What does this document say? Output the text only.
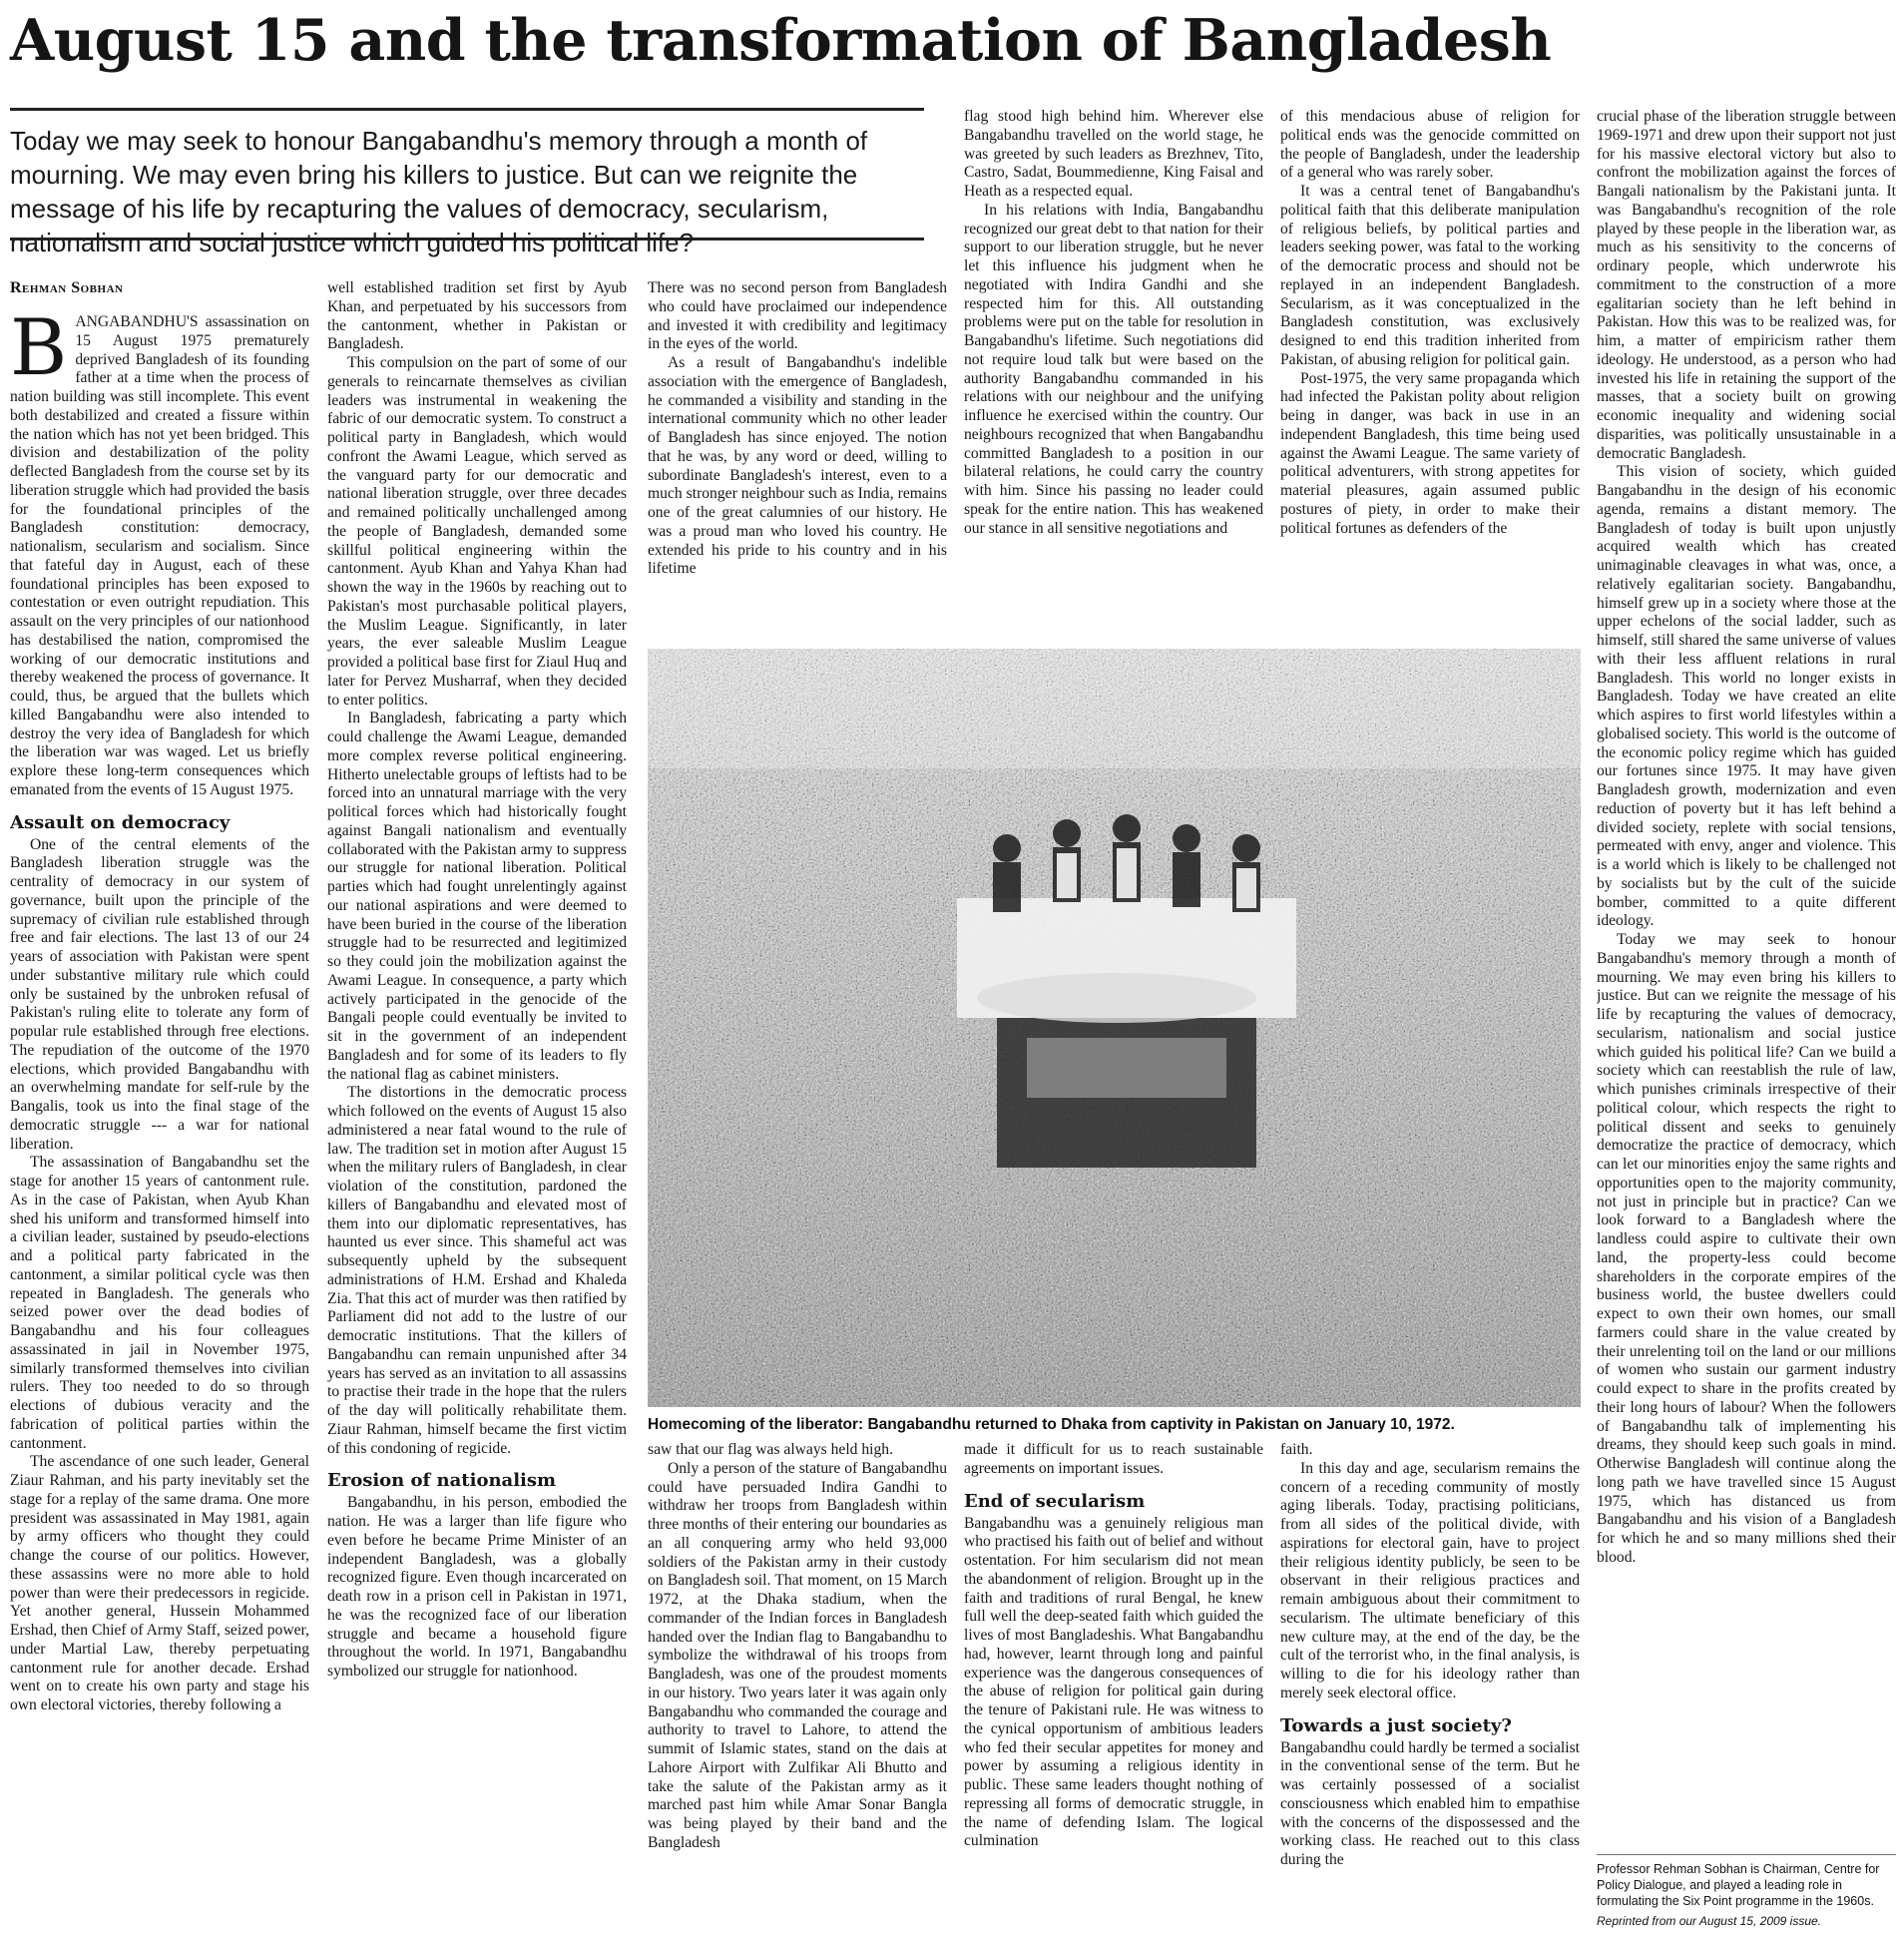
August 15 and the transformation of Bangladesh

Today we may seek to honour Bangabandhu's memory through a month of mourning. We may even bring his killers to justice. But can we reignite the message of his life by recapturing the values of democracy, secularism, nationalism and social justice which guided his political life?

Rehman Sobhan

B ANGABANDHU'S assassination on 15 August 1975 prematurely deprived Bangladesh of its founding father at a time when the process of nation building was still incomplete. This event both destabilized and created a fissure within the nation which has not yet been bridged. This division and destabilization of the polity deflected Bangladesh from the course set by its liberation struggle which had provided the basis for the foundational principles of the Bangladesh constitution: democracy, nationalism, secularism and socialism. Since that fateful day in August, each of these foundational principles has been exposed to contestation or even outright repudiation. This assault on the very principles of our nationhood has destabilised the nation, compromised the working of our democratic institutions and thereby weakened the process of governance. It could, thus, be argued that the bullets which killed Bangabandhu were also intended to destroy the very idea of Bangladesh for which the liberation war was waged. Let us briefly explore these long-term consequences which emanated from the events of 15 August 1975.

Assault on democracy

One of the central elements of the Bangladesh liberation struggle was the centrality of democracy in our system of governance, built upon the principle of the supremacy of civilian rule established through free and fair elections. The last 13 of our 24 years of association with Pakistan were spent under substantive military rule which could only be sustained by the unbroken refusal of Pakistan's ruling elite to tolerate any form of popular rule established through free elections. The repudiation of the outcome of the 1970 elections, which provided Bangabandhu with an overwhelming mandate for self-rule by the Bangalis, took us into the final stage of the democratic struggle --- a war for national liberation.

The assassination of Bangabandhu set the stage for another 15 years of cantonment rule. As in the case of Pakistan, when Ayub Khan shed his uniform and transformed himself into a civilian leader, sustained by pseudo-elections and a political party fabricated in the cantonment, a similar political cycle was then repeated in Bangladesh. The generals who seized power over the dead bodies of Bangabandhu and his four colleagues assassinated in jail in November 1975, similarly transformed themselves into civilian rulers. They too needed to do so through elections of dubious veracity and the fabrication of political parties within the cantonment.

The ascendance of one such leader, General Ziaur Rahman, and his party inevitably set the stage for a replay of the same drama. One more president was assassinated in May 1981, again by army officers who thought they could change the course of our politics. However, these assassins were no more able to hold power than were their predecessors in regicide. Yet another general, Hussein Mohammed Ershad, then Chief of Army Staff, seized power, under Martial Law, thereby perpetuating cantonment rule for another decade. Ershad went on to create his own party and stage his own electoral victories, thereby following a

well established tradition set first by Ayub Khan, and perpetuated by his successors from the cantonment, whether in Pakistan or Bangladesh.

This compulsion on the part of some of our generals to reincarnate themselves as civilian leaders was instrumental in weakening the fabric of our democratic system. To construct a political party in Bangladesh, which would confront the Awami League, which served as the vanguard party for our democratic and national liberation struggle, over three decades and remained politically unchallenged among the people of Bangladesh, demanded some skillful political engineering within the cantonment. Ayub Khan and Yahya Khan had shown the way in the 1960s by reaching out to Pakistan's most purchasable political players, the Muslim League. Significantly, in later years, the ever saleable Muslim League provided a political base first for Ziaul Huq and later for Pervez Musharraf, when they decided to enter politics.

In Bangladesh, fabricating a party which could challenge the Awami League, demanded more complex reverse political engineering. Hitherto unelectable groups of leftists had to be forced into an unnatural marriage with the very political forces which had historically fought against Bangali nationalism and eventually collaborated with the Pakistan army to suppress our struggle for national liberation. Political parties which had fought unrelentingly against our national aspirations and were deemed to have been buried in the course of the liberation struggle had to be resurrected and legitimized so they could join the mobilization against the Awami League. In consequence, a party which actively participated in the genocide of the Bangali people could eventually be invited to sit in the government of an independent Bangladesh and for some of its leaders to fly the national flag as cabinet ministers.

The distortions in the democratic process which followed on the events of August 15 also administered a near fatal wound to the rule of law. The tradition set in motion after August 15 when the military rulers of Bangladesh, in clear violation of the constitution, pardoned the killers of Bangabandhu and elevated most of them into our diplomatic representatives, has haunted us ever since. This shameful act was subsequently upheld by the subsequent administrations of H.M. Ershad and Khaleda Zia. That this act of murder was then ratified by Parliament did not add to the lustre of our democratic institutions. That the killers of Bangabandhu can remain unpunished after 34 years has served as an invitation to all assassins to practise their trade in the hope that the rulers of the day will politically rehabilitate them. Ziaur Rahman, himself became the first victim of this condoning of regicide.

Erosion of nationalism

Bangabandhu, in his person, embodied the nation. He was a larger than life figure who even before he became Prime Minister of an independent Bangladesh, was a globally recognized figure. Even though incarcerated on death row in a prison cell in Pakistan in 1971, he was the recognized face of our liberation struggle and became a household figure throughout the world. In 1971, Bangabandhu symbolized our struggle for nationhood.

There was no second person from Bangladesh who could have proclaimed our independence and invested it with credibility and legitimacy in the eyes of the world.

As a result of Bangabandhu's indelible association with the emergence of Bangladesh, he commanded a visibility and standing in the international community which no other leader of Bangladesh has since enjoyed. The notion that he was, by any word or deed, willing to subordinate Bangladesh's interest, even to a much stronger neighbour such as India, remains one of the great calumnies of our history. He was a proud man who loved his country. He extended his pride to his country and in his lifetime

flag stood high behind him. Wherever else Bangabandhu travelled on the world stage, he was greeted by such leaders as Brezhnev, Tito, Castro, Sadat, Boummedienne, King Faisal and Heath as a respected equal.

In his relations with India, Bangabandhu recognized our great debt to that nation for their support to our liberation struggle, but he never let this influence his judgment when he negotiated with Indira Gandhi and she respected him for this. All outstanding problems were put on the table for resolution in Bangabandhu's lifetime. Such negotiations did not require loud talk but were based on the authority Bangabandhu commanded in his relations with our neighbour and the unifying influence he exercised within the country. Our neighbours recognized that when Bangabandhu committed Bangladesh to a position in our bilateral relations, he could carry the country with him. Since his passing no leader could speak for the entire nation. This has weakened our stance in all sensitive negotiations and

of this mendacious abuse of religion for political ends was the genocide committed on the people of Bangladesh, under the leadership of a general who was rarely sober.

It was a central tenet of Bangabandhu's political faith that this deliberate manipulation of religious beliefs, by political parties and leaders seeking power, was fatal to the working of the democratic process and should not be replayed in an independent Bangladesh. Secularism, as it was conceptualized in the Bangladesh constitution, was exclusively designed to end this tradition inherited from Pakistan, of abusing religion for political gain.

Post-1975, the very same propaganda which had infected the Pakistan polity about religion being in danger, was back in use in an independent Bangladesh, this time being used against the Awami League. The same variety of political adventurers, with strong appetites for material pleasures, again assumed public postures of piety, in order to make their political fortunes as defenders of the

crucial phase of the liberation struggle between 1969-1971 and drew upon their support not just for his massive electoral victory but also to confront the mobilization against the forces of Bangali nationalism by the Pakistani junta. It was Bangabandhu's recognition of the role played by these people in the liberation war, as much as his sensitivity to the concerns of ordinary people, which underwrote his commitment to the construction of a more egalitarian society than he left behind in Pakistan. How this was to be realized was, for him, a matter of empiricism rather them ideology. He understood, as a person who had invested his life in retaining the support of the masses, that a society built on growing economic inequality and widening social disparities, was politically unsustainable in a democratic Bangladesh.

This vision of society, which guided Bangabandhu in the design of his economic agenda, remains a distant memory. The Bangladesh of today is built upon unjustly acquired wealth which has created unimaginable cleavages in what was, once, a relatively egalitarian society. Bangabandhu, himself grew up in a society where those at the upper echelons of the social ladder, such as himself, still shared the same universe of values with their less affluent relations in rural Bangladesh. This world no longer exists in Bangladesh. Today we have created an elite which aspires to first world lifestyles within a globalised society. This world is the outcome of the economic policy regime which has guided our fortunes since 1975. It may have given Bangladesh growth, modernization and even reduction of poverty but it has left behind a divided society, replete with social tensions, permeated with envy, anger and violence. This is a world which is likely to be challenged not by socialists but by the cult of the suicide bomber, committed to a quite different ideology.

Today we may seek to honour Bangabandhu's memory through a month of mourning. We may even bring his killers to justice. But can we reignite the message of his life by recapturing the values of democracy, secularism, nationalism and social justice which guided his political life? Can we build a society which can reestablish the rule of law, which punishes criminals irrespective of their political colour, which respects the right to political dissent and seeks to genuinely democratize the practice of democracy, which can let our minorities enjoy the same rights and opportunities open to the majority community, not just in principle but in practice? Can we look forward to a Bangladesh where the landless could aspire to cultivate their own land, the property-less could become shareholders in the corporate empires of the business world, the bustee dwellers could expect to own their own homes, our small farmers could share in the value created by their unrelenting toil on the land or our millions of women who sustain our garment industry could expect to share in the profits created by their long hours of labour? When the followers of Bangabandhu talk of implementing his dreams, they should keep such goals in mind. Otherwise Bangladesh will continue along the long path we have travelled since 15 August 1975, which has distanced us from Bangabandhu and his vision of a Bangladesh for which he and so many millions shed their blood.

Homecoming of the liberator: Bangabandhu returned to Dhaka from captivity in Pakistan on January 10, 1972.

saw that our flag was always held high.

Only a person of the stature of Bangabandhu could have persuaded Indira Gandhi to withdraw her troops from Bangladesh within three months of their entering our boundaries as an all conquering army who held 93,000 soldiers of the Pakistan army in their custody on Bangladesh soil. That moment, on 15 March 1972, at the Dhaka stadium, when the commander of the Indian forces in Bangladesh handed over the Indian flag to Bangabandhu to symbolize the withdrawal of his troops from Bangladesh, was one of the proudest moments in our history. Two years later it was again only Bangabandhu who commanded the courage and authority to travel to Lahore, to attend the summit of Islamic states, stand on the dais at Lahore Airport with Zulfikar Ali Bhutto and take the salute of the Pakistan army as it marched past him while Amar Sonar Bangla was being played by their band and the Bangladesh

made it difficult for us to reach sustainable agreements on important issues.

End of secularism

Bangabandhu was a genuinely religious man who practised his faith out of belief and without ostentation. For him secularism did not mean the abandonment of religion. Brought up in the faith and traditions of rural Bengal, he knew full well the deep-seated faith which guided the lives of most Bangladeshis. What Bangabandhu had, however, learnt through long and painful experience was the dangerous consequences of the abuse of religion for political gain during the tenure of Pakistani rule. He was witness to the cynical opportunism of ambitious leaders who fed their secular appetites for money and power by assuming a religious identity in public. These same leaders thought nothing of repressing all forms of democratic struggle, in the name of defending Islam. The logical culmination

faith.

In this day and age, secularism remains the concern of a receding community of mostly aging liberals. Today, practising politicians, from all sides of the political divide, with aspirations for electoral gain, have to project their religious identity publicly, be seen to be observant in their religious practices and remain ambiguous about their commitment to secularism. The ultimate beneficiary of this new culture may, at the end of the day, be the cult of the terrorist who, in the final analysis, is willing to die for his ideology rather than merely seek electoral office.

Towards a just society?

Bangabandhu could hardly be termed a socialist in the conventional sense of the term. But he was certainly possessed of a socialist consciousness which enabled him to empathise with the concerns of the dispossessed and the working class. He reached out to this class during the

Professor Rehman Sobhan is Chairman, Centre for Policy Dialogue, and played a leading role in formulating the Six Point programme in the 1960s.

Reprinted from our August 15, 2009 issue.
